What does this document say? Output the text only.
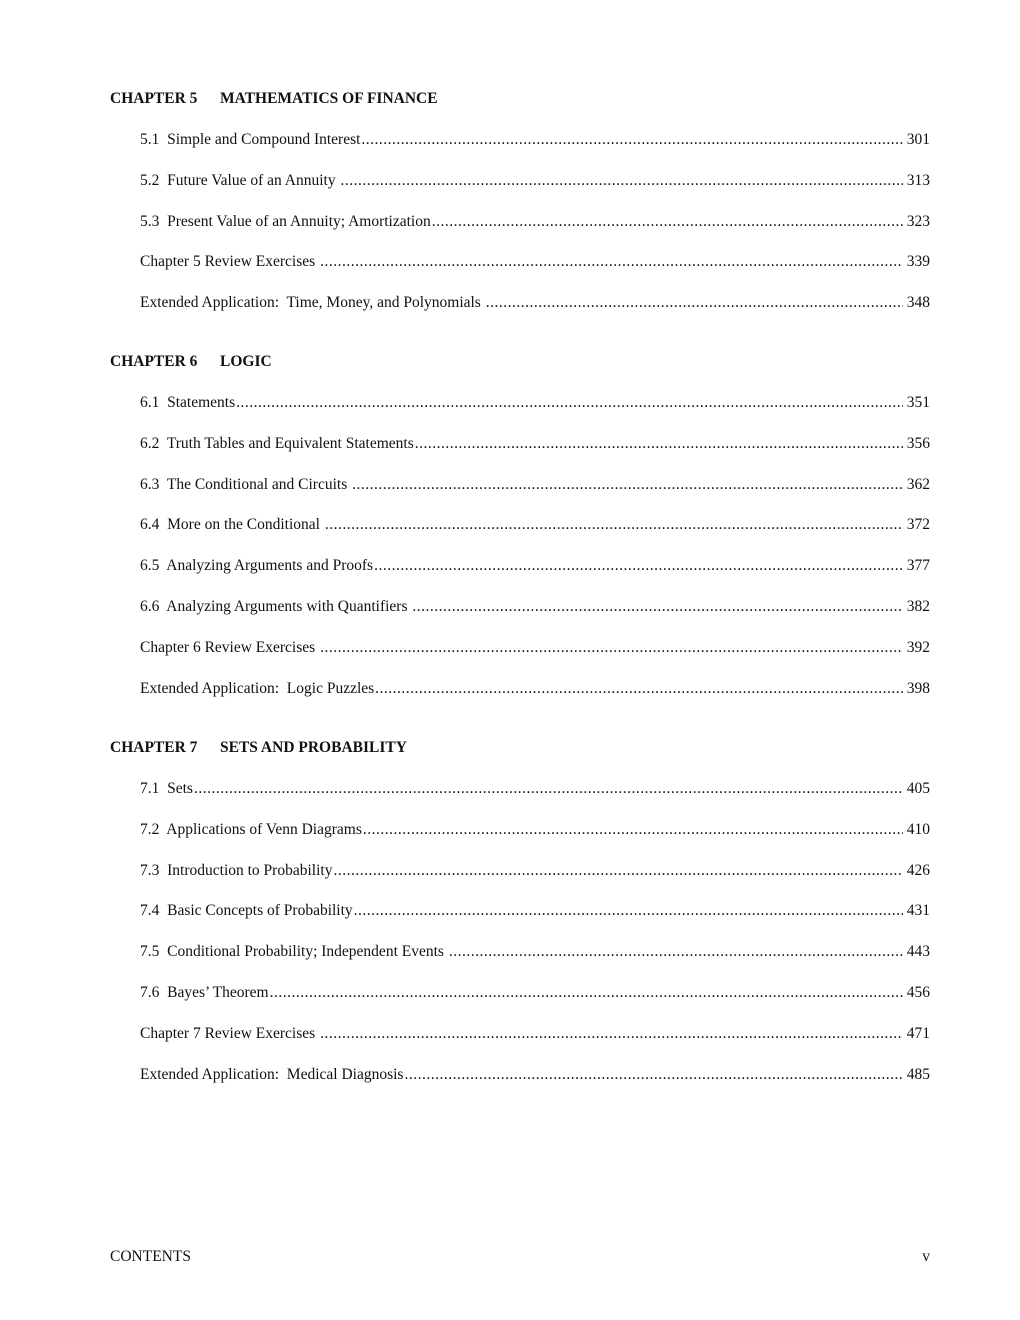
CHAPTER 5 MATHEMATICS OF FINANCE
5.1  Simple and Compound Interest .....	301
5.2  Future Value of an Annuity .....	313
5.3  Present Value of an Annuity; Amortization .....	323
Chapter 5 Review Exercises .....	339
Extended Application:  Time, Money, and Polynomials .....	348
CHAPTER 6 LOGIC
6.1  Statements .....	351
6.2  Truth Tables and Equivalent Statements .....	356
6.3  The Conditional and Circuits .....	362
6.4  More on the Conditional .....	372
6.5  Analyzing Arguments and Proofs .....	377
6.6  Analyzing Arguments with Quantifiers .....	382
Chapter 6 Review Exercises .....	392
Extended Application:  Logic Puzzles .....	398
CHAPTER 7 SETS AND PROBABILITY
7.1  Sets .....	405
7.2  Applications of Venn Diagrams .....	410
7.3  Introduction to Probability .....	426
7.4  Basic Concepts of Probability .....	431
7.5  Conditional Probability; Independent Events .....	443
7.6  Bayes’ Theorem .....	456
Chapter 7 Review Exercises .....	471
Extended Application:  Medical Diagnosis .....	485
CONTENTS	v
